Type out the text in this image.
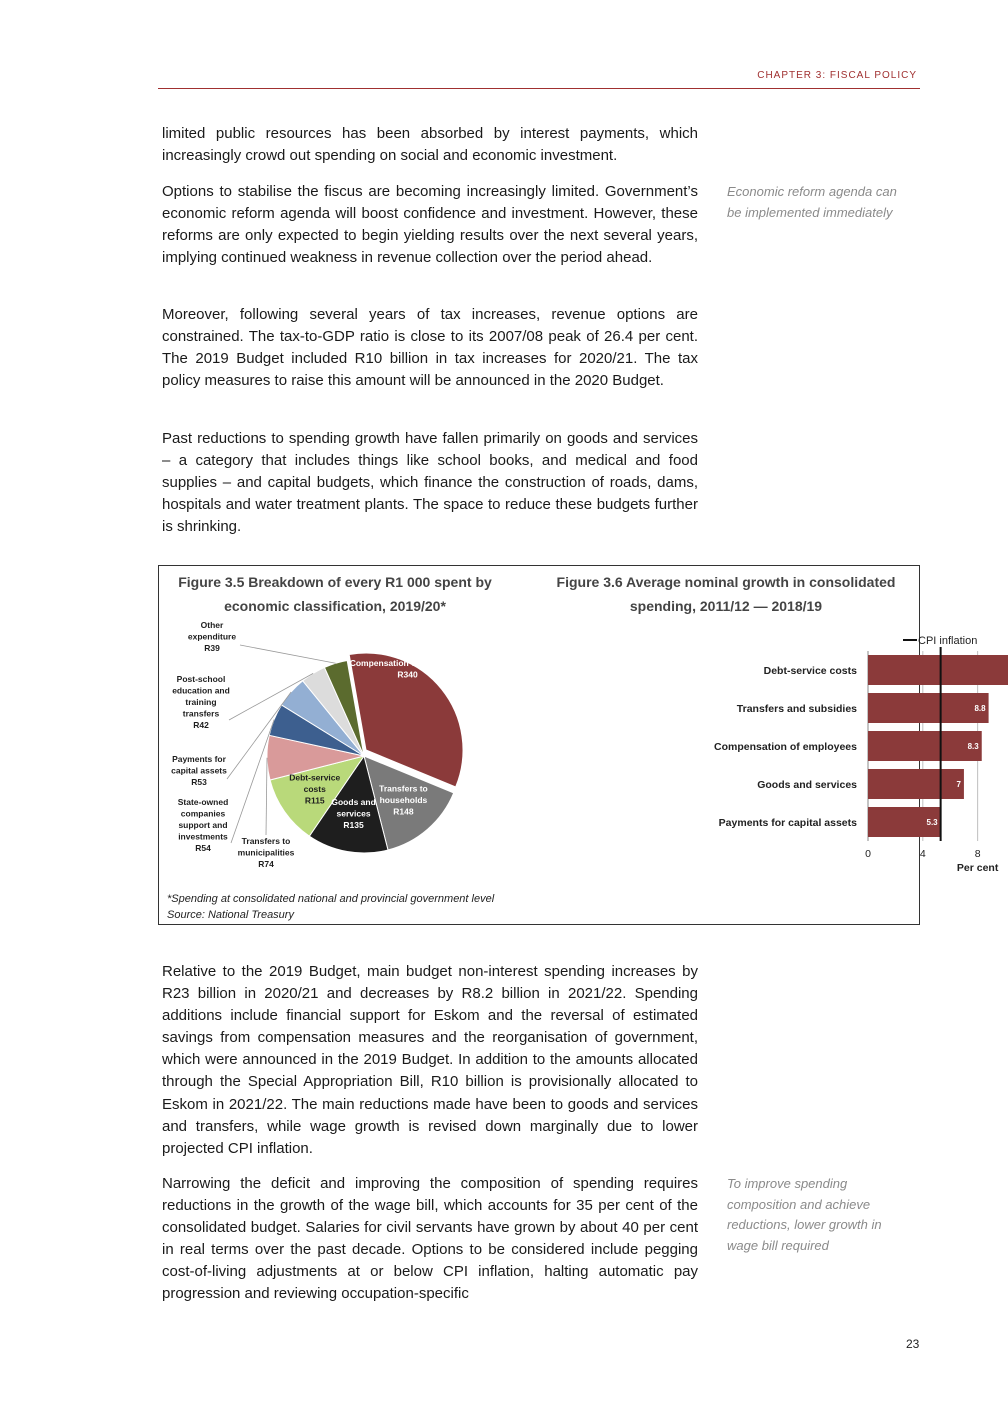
CHAPTER 3: FISCAL POLICY

limited public resources has been absorbed by interest payments, which increasingly crowd out spending on social and economic investment.

Options to stabilise the fiscus are becoming increasingly limited. Government’s economic reform agenda will boost confidence and investment. However, these reforms are only expected to begin yielding results over the next several years, implying continued weakness in revenue collection over the period ahead.

Economic reform agenda can be implemented immediately

Moreover, following several years of tax increases, revenue options are constrained. The tax-to-GDP ratio is close to its 2007/08 peak of 26.4 per cent. The 2019 Budget included R10 billion in tax increases for 2020/21. The tax policy measures to raise this amount will be announced in the 2020 Budget.

Past reductions to spending growth have fallen primarily on goods and services – a category that includes things like school books, and medical and food supplies – and capital budgets, which finance the construction of roads, dams, hospitals and water treatment plants. The space to reduce these budgets further is shrinking.

Figure 3.5 Breakdown of every R1 000 spent by
economic classification, 2019/20*
Figure 3.6 Average nominal growth in consolidated
spending, 2011/12 — 2018/19
Compensation of employees R340
Transfers to households R148
Goods and services R135
Debt-service costs R115
Transfers to municipalities R74
State-owned companies support and investments R54
Payments for capital assets R53
Post-school education and training transfers R42
Other expenditure R39
Debt-service costs
Transfers and subsidies
Compensation of employees
Goods and services
Payments for capital assets
8.8
8.3
7
5.3
0	4	8
CPI inflation
Per cent
*Spending at consolidated national and provincial government level
Source: National Treasury

Relative to the 2019 Budget, main budget non-interest spending increases by R23 billion in 2020/21 and decreases by R8.2 billion in 2021/22. Spending additions include financial support for Eskom and the reversal of estimated savings from compensation measures and the reorganisation of government, which were announced in the 2019 Budget. In addition to the amounts allocated through the Special Appropriation Bill, R10 billion is provisionally allocated to Eskom in 2021/22. The main reductions made have been to goods and services and transfers, while wage growth is revised down marginally due to lower projected CPI inflation.

Narrowing the deficit and improving the composition of spending requires reductions in the growth of the wage bill, which accounts for 35 per cent of the consolidated budget. Salaries for civil servants have grown by about 40 per cent in real terms over the past decade. Options to be considered include pegging cost-of-living adjustments at or below CPI inflation, halting automatic pay progression and reviewing occupation-specific

To improve spending composition and achieve reductions, lower growth in wage bill required
23
